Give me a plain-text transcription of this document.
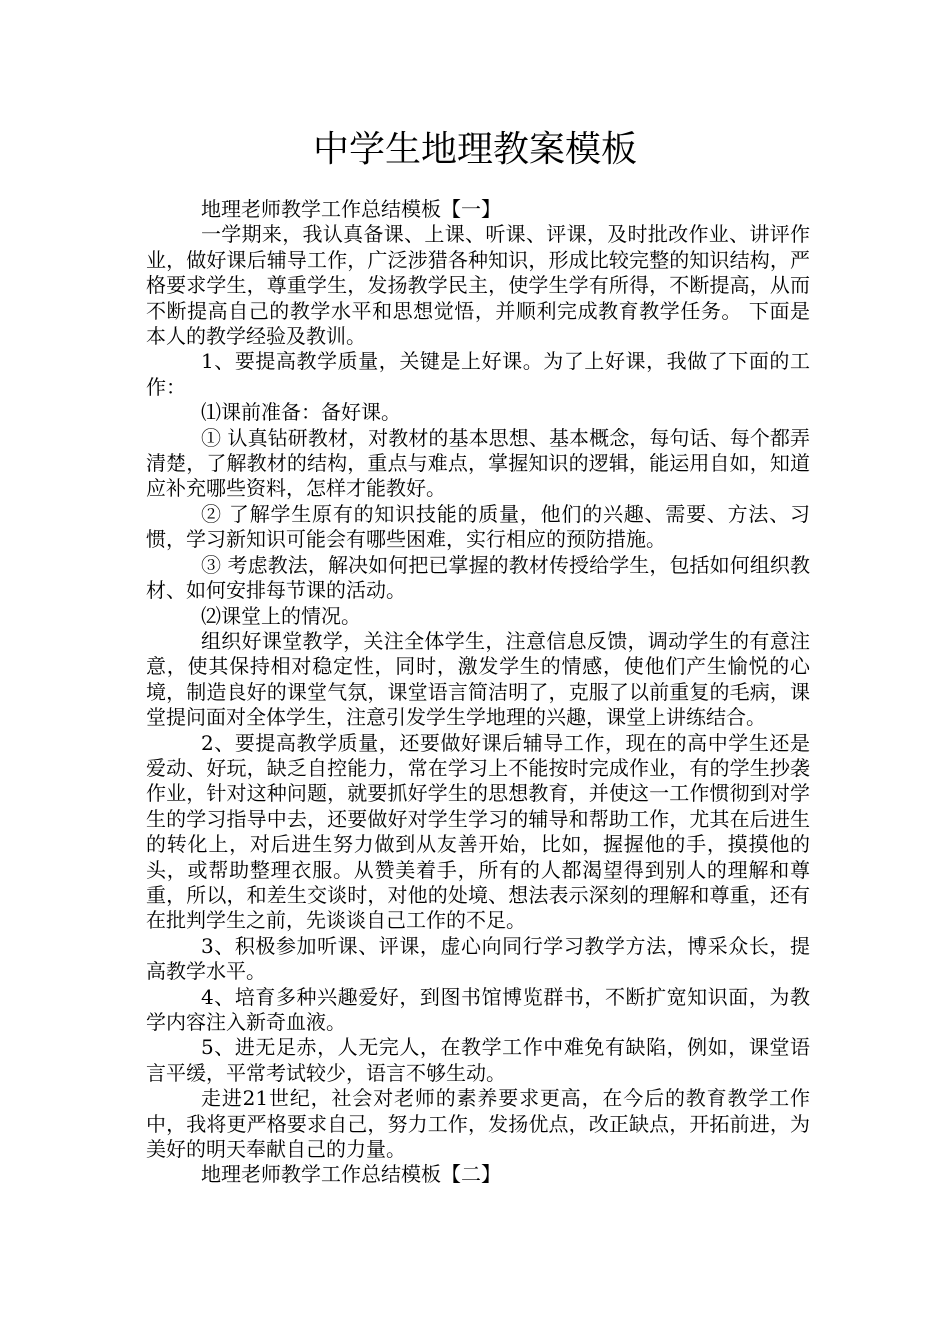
中学生地理教案模板

地理老师教学工作总结模板【一】

一学期来，我认真备课、上课、听课、评课，及时批改作业、讲评作业，做好课后辅导工作，广泛涉猎各种知识，形成比较完整的知识结构，严格要求学生，尊重学生，发扬教学民主，使学生学有所得，不断提高，从而不断提高自己的教学水平和思想觉悟，并顺利完成教育教学任务。 下面是本人的教学经验及教训。

1、要提高教学质量，关键是上好课。为了上好课，我做了下面的工作：

⑴课前准备：备好课。

① 认真钻研教材，对教材的基本思想、基本概念，每句话、每个都弄清楚，了解教材的结构，重点与难点，掌握知识的逻辑，能运用自如，知道应补充哪些资料，怎样才能教好。

② 了解学生原有的知识技能的质量，他们的兴趣、需要、方法、习惯，学习新知识可能会有哪些困难，实行相应的预防措施。

③ 考虑教法，解决如何把已掌握的教材传授给学生，包括如何组织教材、如何安排每节课的活动。

⑵课堂上的情况。

组织好课堂教学，关注全体学生，注意信息反馈，调动学生的有意注意，使其保持相对稳定性，同时，激发学生的情感，使他们产生愉悦的心境，制造良好的课堂气氛，课堂语言简洁明了，克服了以前重复的毛病，课堂提问面对全体学生，注意引发学生学地理的兴趣，课堂上讲练结合。

2、要提高教学质量，还要做好课后辅导工作，现在的高中学生还是爱动、好玩，缺乏自控能力，常在学习上不能按时完成作业，有的学生抄袭作业，针对这种问题，就要抓好学生的思想教育，并使这一工作惯彻到对学生的学习指导中去，还要做好对学生学习的辅导和帮助工作，尤其在后进生的转化上，对后进生努力做到从友善开始，比如，握握他的手，摸摸他的头，或帮助整理衣服。从赞美着手，所有的人都渴望得到别人的理解和尊重，所以，和差生交谈时，对他的处境、想法表示深刻的理解和尊重，还有在批判学生之前，先谈谈自己工作的不足。

3、积极参加听课、评课，虚心向同行学习教学方法，博采众长，提高教学水平。

4、培育多种兴趣爱好，到图书馆博览群书，不断扩宽知识面，为教学内容注入新奇血液。

5、进无足赤，人无完人，在教学工作中难免有缺陷，例如，课堂语言平缓，平常考试较少，语言不够生动。

走进21世纪，社会对老师的素养要求更高，在今后的教育教学工作中，我将更严格要求自己，努力工作，发扬优点，改正缺点，开拓前进，为美好的明天奉献自己的力量。

地理老师教学工作总结模板【二】
